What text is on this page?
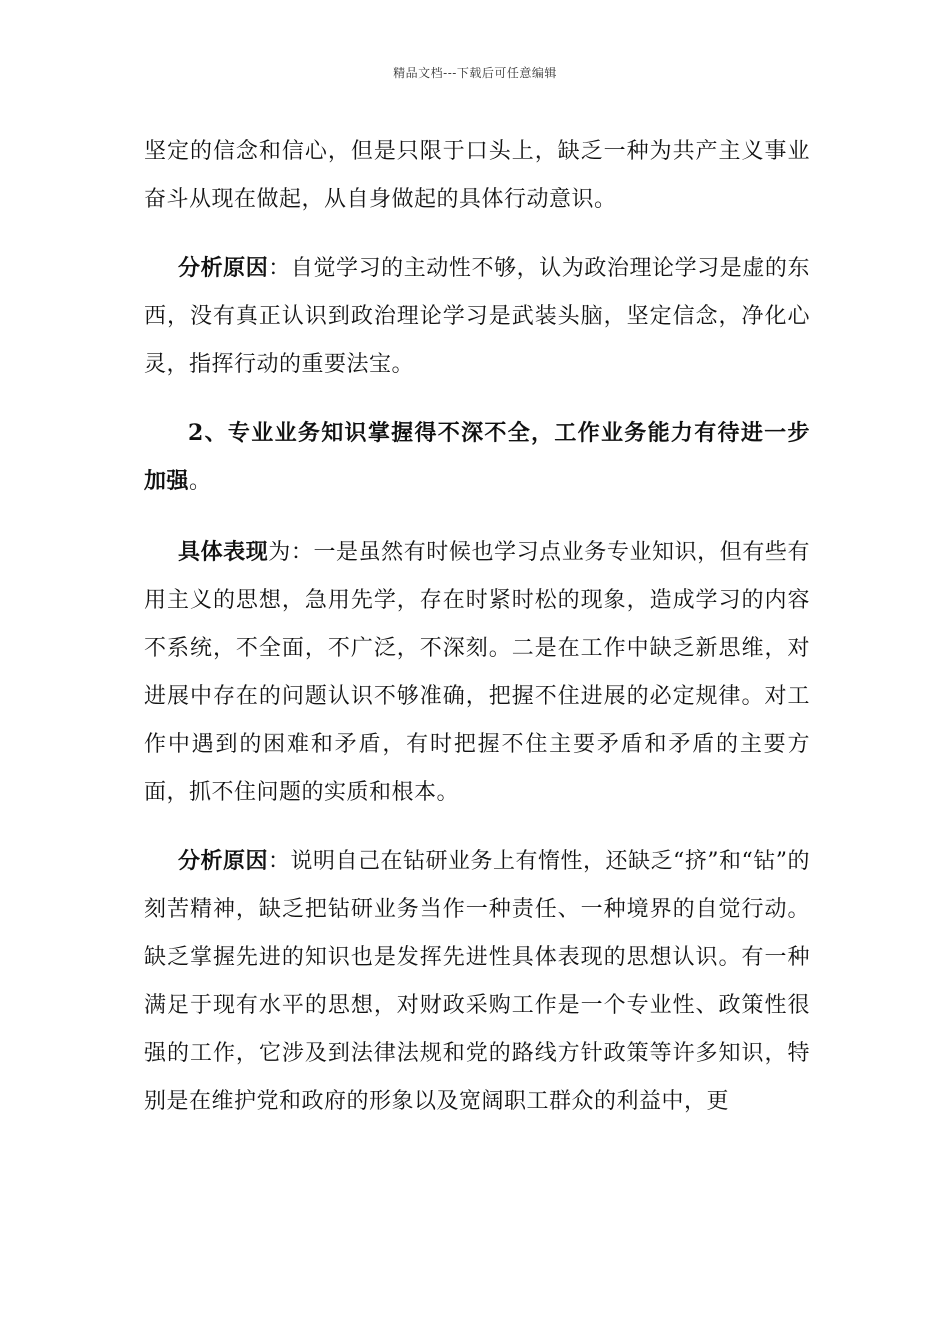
精品文档---下载后可任意编辑

坚定的信念和信心，但是只限于口头上，缺乏一种为共产主义事业奋斗从现在做起，从自身做起的具体行动意识。

分析原因：自觉学习的主动性不够，认为政治理论学习是虚的东西，没有真正认识到政治理论学习是武装头脑，坚定信念，净化心灵，指挥行动的重要法宝。

2、专业业务知识掌握得不深不全，工作业务能力有待进一步加强。

具体表现为：一是虽然有时候也学习点业务专业知识，但有些有用主义的思想，急用先学，存在时紧时松的现象，造成学习的内容不系统，不全面，不广泛，不深刻。二是在工作中缺乏新思维，对进展中存在的问题认识不够准确，把握不住进展的必定规律。对工作中遇到的困难和矛盾，有时把握不住主要矛盾和矛盾的主要方面，抓不住问题的实质和根本。

分析原因：说明自己在钻研业务上有惰性，还缺乏“挤”和“钻”的刻苦精神，缺乏把钻研业务当作一种责任、一种境界的自觉行动。缺乏掌握先进的知识也是发挥先进性具体表现的思想认识。有一种满足于现有水平的思想，对财政采购工作是一个专业性、政策性很强的工作，它涉及到法律法规和党的路线方针政策等许多知识，特别是在维护党和政府的形象以及宽阔职工群众的利益中，更
